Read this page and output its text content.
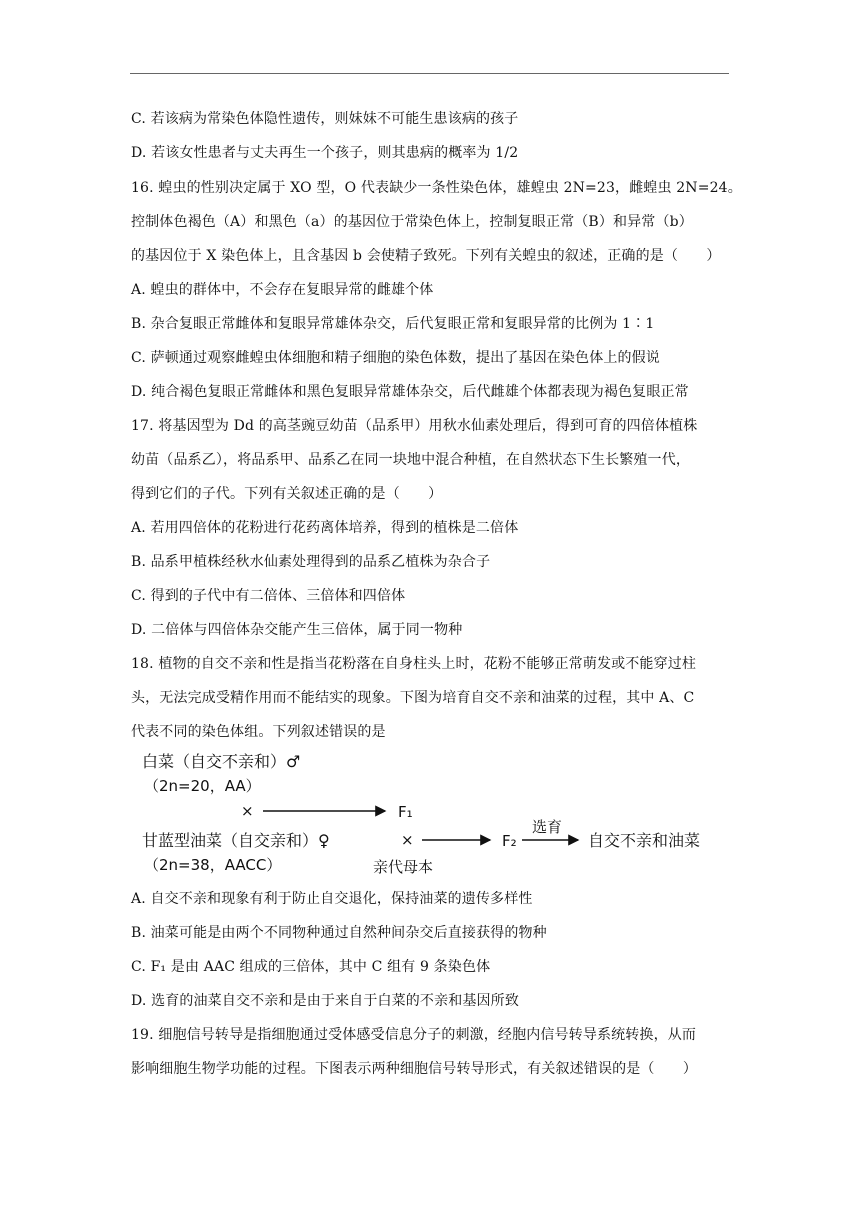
C. 若该病为常染色体隐性遗传，则妹妹不可能生患该病的孩子
D. 若该女性患者与丈夫再生一个孩子，则其患病的概率为 1/2
16. 蝗虫的性别决定属于 XO 型，O 代表缺少一条性染色体，雄蝗虫 2N=23，雌蝗虫 2N=24。
控制体色褐色（A）和黑色（a）的基因位于常染色体上，控制复眼正常（B）和异常（b）
的基因位于 X 染色体上，且含基因 b 会使精子致死。下列有关蝗虫的叙述，正确的是（　　）
A. 蝗虫的群体中，不会存在复眼异常的雌雄个体
B. 杂合复眼正常雌体和复眼异常雄体杂交，后代复眼正常和复眼异常的比例为 1∶1
C. 萨顿通过观察雌蝗虫体细胞和精子细胞的染色体数，提出了基因在染色体上的假说
D. 纯合褐色复眼正常雌体和黑色复眼异常雄体杂交，后代雌雄个体都表现为褐色复眼正常
17. 将基因型为 Dd 的高茎豌豆幼苗（品系甲）用秋水仙素处理后，得到可育的四倍体植株
幼苗（品系乙），将品系甲、品系乙在同一块地中混合种植，在自然状态下生长繁殖一代，
得到它们的子代。下列有关叙述正确的是（　　）
A. 若用四倍体的花粉进行花药离体培养，得到的植株是二倍体
B. 品系甲植株经秋水仙素处理得到的品系乙植株为杂合子
C. 得到的子代中有二倍体、三倍体和四倍体
D. 二倍体与四倍体杂交能产生三倍体，属于同一物种
18. 植物的自交不亲和性是指当花粉落在自身柱头上时，花粉不能够正常萌发或不能穿过柱
头，无法完成受精作用而不能结实的现象。下图为培育自交不亲和油菜的过程，其中 A、C
代表不同的染色体组。下列叙述错误的是
A. 自交不亲和现象有利于防止自交退化，保持油菜的遗传多样性
B. 油菜可能是由两个不同物种通过自然种间杂交后直接获得的物种
C. F₁ 是由 AAC 组成的三倍体，其中 C 组有 9 条染色体
D. 选育的油菜自交不亲和是由于来自于白菜的不亲和基因所致
19. 细胞信号转导是指细胞通过受体感受信息分子的刺激，经胞内信号转导系统转换，从而
影响细胞生物学功能的过程。下图表示两种细胞信号转导形式，有关叙述错误的是（　　）
白菜（自交不亲和）♂
（2n=20，AA）
×	F₁
甘蓝型油菜（自交亲和）♀
（2n=38，AACC）
×	F₂
亲代母本
选育
自交不亲和油菜
